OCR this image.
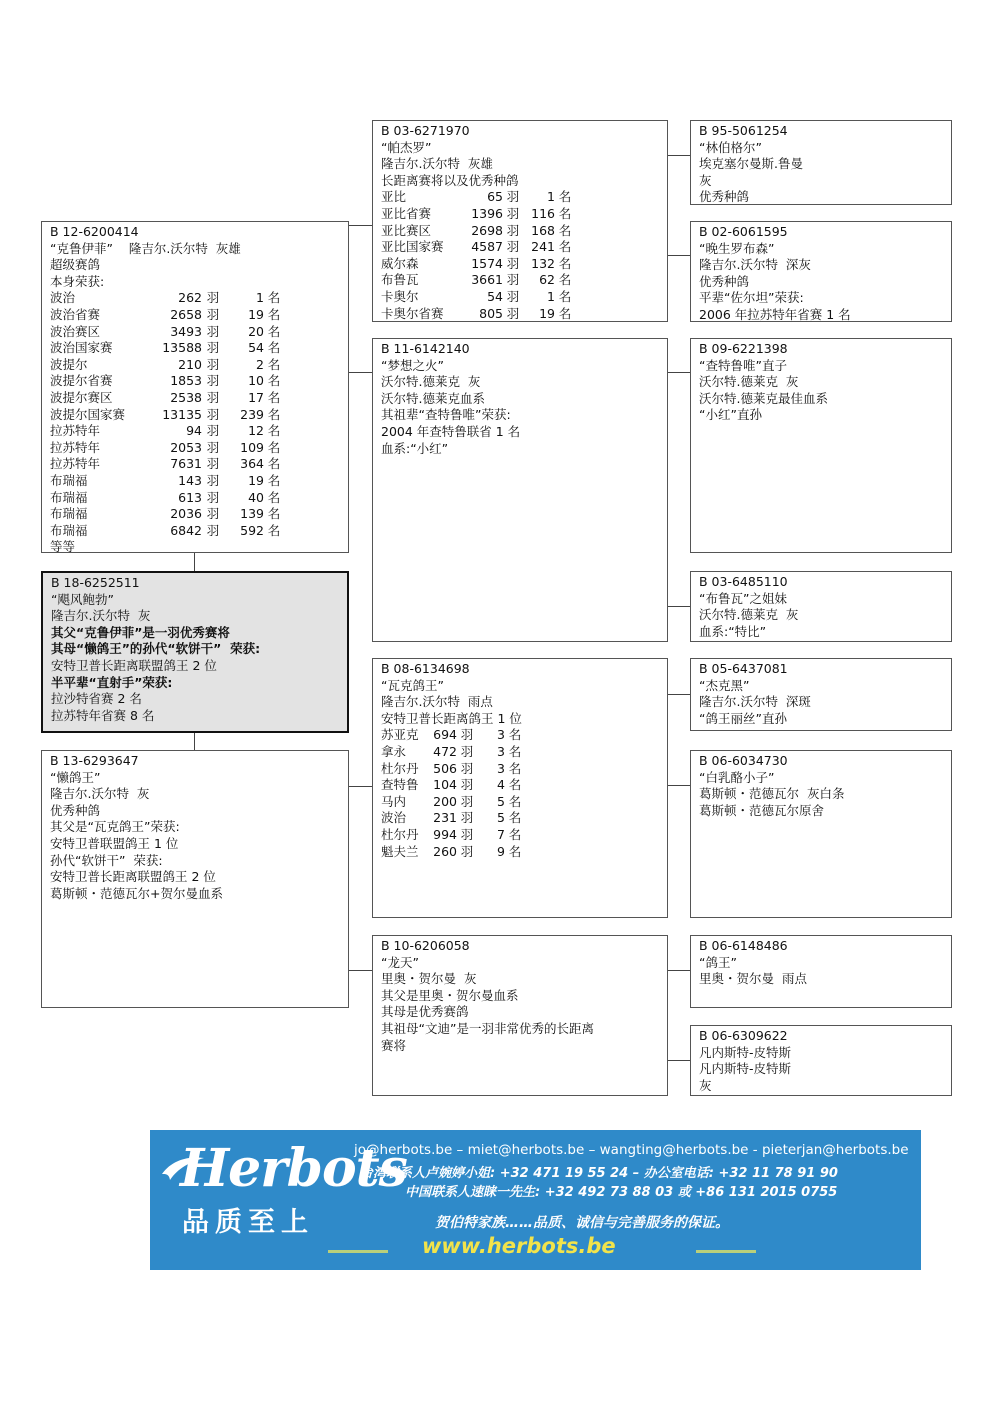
B 12-6200414
“克鲁伊菲”    隆吉尔.沃尔特  灰雄
超级赛鸽
本身荣获:
波治	262	羽	1	名
波治省赛	2658	羽	19	名
波治赛区	3493	羽	20	名
波治国家赛	13588	羽	54	名
波提尔	210	羽	2	名
波提尔省赛	1853	羽	10	名
波提尔赛区	2538	羽	17	名
波提尔国家赛	13135	羽	239	名
拉苏特年	94	羽	12	名
拉苏特年	2053	羽	109	名
拉苏特年	7631	羽	364	名
布瑞福	143	羽	19	名
布瑞福	613	羽	40	名
布瑞福	2036	羽	139	名
布瑞福	6842	羽	592	名
等等
B 18-6252511
“飓风鲍勃”
隆吉尔.沃尔特  灰
其父“克鲁伊菲”是一羽优秀赛将
其母“懒鸽王”的孙代“软饼干”  荣获:
安特卫普长距离联盟鸽王 2 位
半平辈“直射手”荣获:
拉沙特省赛 2 名
拉苏特年省赛 8 名
B 13-6293647
“懒鸽王”
隆吉尔.沃尔特  灰
优秀种鸽
其父是“瓦克鸽王”荣获:
安特卫普联盟鸽王 1 位
孙代“软饼干”  荣获:
安特卫普长距离联盟鸽王 2 位
葛斯顿・范德瓦尔+贺尔曼血系
B 03-6271970
“帕杰罗”
隆吉尔.沃尔特  灰雄
长距离赛将以及优秀种鸽
亚比	65	羽	1	名
亚比省赛	1396	羽	116	名
亚比赛区	2698	羽	168	名
亚比国家赛	4587	羽	241	名
威尔森	1574	羽	132	名
布鲁瓦	3661	羽	62	名
卡奥尔	54	羽	1	名
卡奥尔省赛	805	羽	19	名
B 11-6142140
“梦想之火”
沃尔特.德莱克  灰
沃尔特.德莱克血系
其祖辈“查特鲁唯”荣获:
2004 年查特鲁联省 1 名
血系:“小红”
B 08-6134698
“瓦克鸽王”
隆吉尔.沃尔特  雨点
安特卫普长距离鸽王 1 位
苏亚克	694	羽	3	名
拿永	472	羽	3	名
杜尔丹	506	羽	3	名
查特鲁	104	羽	4	名
马内	200	羽	5	名
波治	231	羽	5	名
杜尔丹	994	羽	7	名
魁夫兰	260	羽	9	名
B 10-6206058
“龙天”
里奥・贺尔曼  灰
其父是里奥・贺尔曼血系
其母是优秀赛鸽
其祖母“文迪”是一羽非常优秀的长距离
赛将
B 95-5061254
“林伯格尔”
埃克塞尔曼斯.鲁曼
灰
优秀种鸽
B 02-6061595
“晚生罗布森”
隆吉尔.沃尔特  深灰
优秀种鸽
平辈“佐尔坦”荣获:
2006 年拉苏特年省赛 1 名
B 09-6221398
“查特鲁唯”直子
沃尔特.德莱克  灰
沃尔特.德莱克最佳血系
“小红”直孙
B 03-6485110
“布鲁瓦”之姐妹
沃尔特.德莱克  灰
血系:“特比”
B 05-6437081
“杰克黑”
隆吉尔.沃尔特  深斑
“鸽王丽丝”直孙
B 06-6034730
“白乳酪小子”
葛斯顿・范德瓦尔  灰白条
葛斯顿・范德瓦尔原舍
B 06-6148486
“鸽王”
里奥・贺尔曼  雨点
B 06-6309622
凡内斯特-皮特斯
凡内斯特-皮特斯
灰
Herbots
品质至上
jo@herbots.be – miet@herbots.be – wangting@herbots.be - pieterjan@herbots.be
台湾联系人卢婉婷小姐: +32 471 19 55 24 – 办公室电话: +32 11 78 91 90
中国联系人速睐一先生: +32 492 73 88 03 或 +86 131 2015 0755
贺伯特家族……品质、诚信与完善服务的保证。
www.herbots.be
